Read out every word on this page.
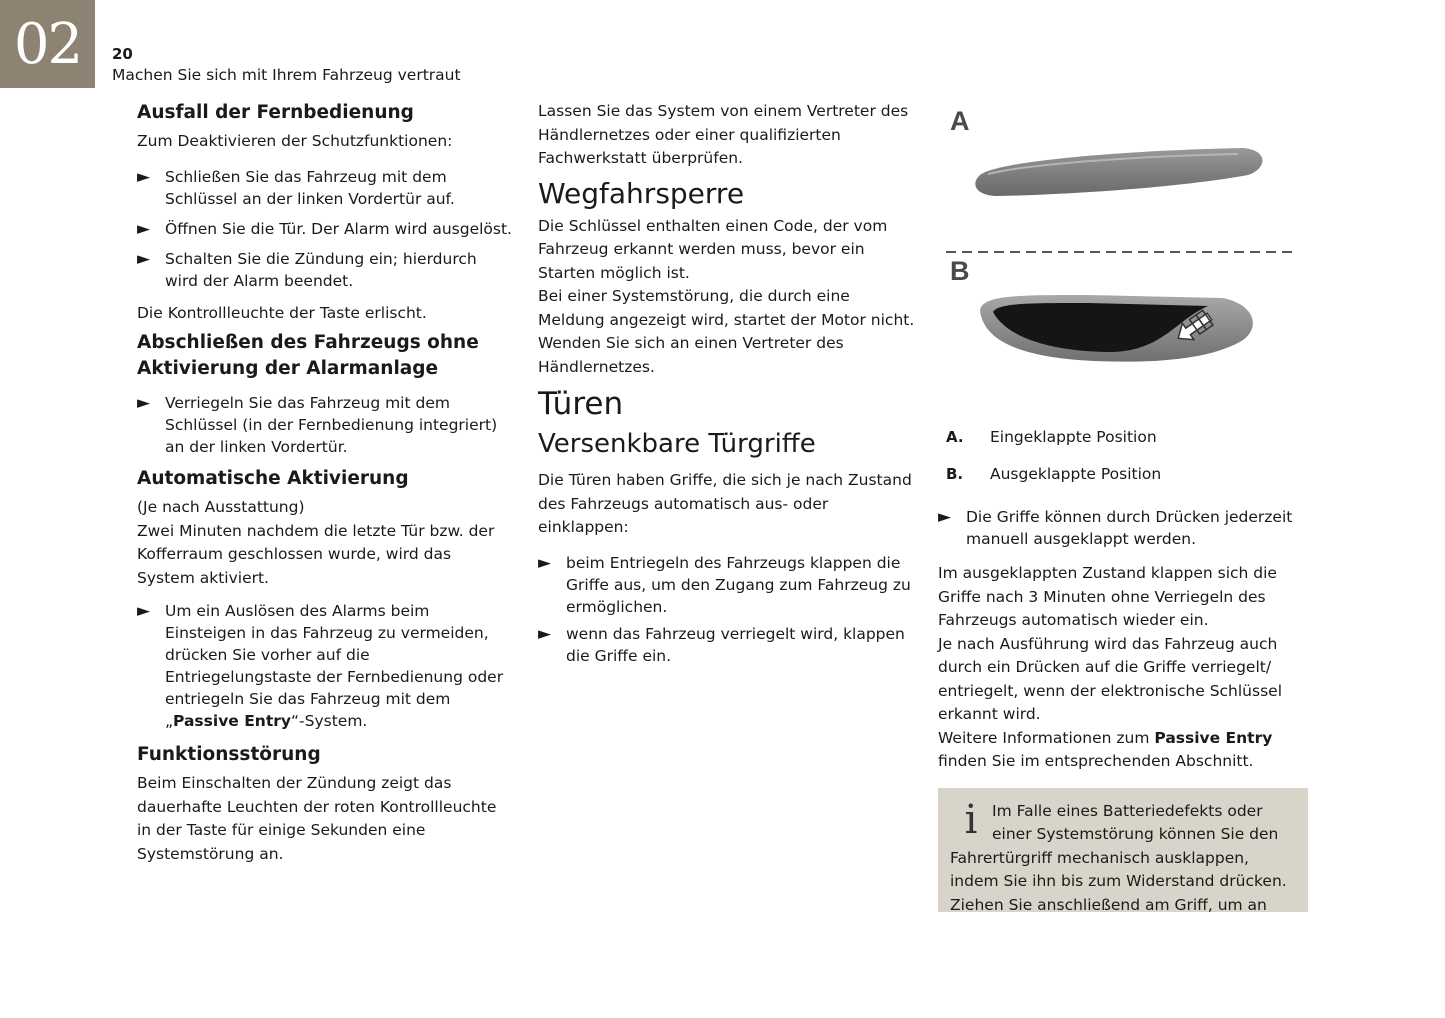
02	20
Machen Sie sich mit Ihrem Fahrzeug vertraut
Ausfall der Fernbedienung

Zum Deaktivieren der Schutzfunktionen:

► Schließen Sie das Fahrzeug mit dem Schlüssel an der linken Vordertür auf.
► Öffnen Sie die Tür. Der Alarm wird ausgelöst.
► Schalten Sie die Zündung ein; hierdurch wird der Alarm beendet.

Die Kontrollleuchte der Taste erlischt.

Abschließen des Fahrzeugs ohne Aktivierung der Alarmanlage
► Verriegeln Sie das Fahrzeug mit dem Schlüssel (in der Fernbedienung integriert) an der linken Vordertür.
Automatische Aktivierung

(Je nach Ausstattung)

Zwei Minuten nachdem die letzte Tür bzw. der Kofferraum geschlossen wurde, wird das System aktiviert.

► Um ein Auslösen des Alarms beim Einsteigen in das Fahrzeug zu vermeiden, drücken Sie vorher auf die Entriegelungstaste der Fernbedienung oder entriegeln Sie das Fahrzeug mit dem „Passive Entry“-System.
Funktionsstörung

Beim Einschalten der Zündung zeigt das dauerhafte Leuchten der roten Kontrollleuchte in der Taste für einige Sekunden eine Systemstörung an.

Lassen Sie das System von einem Vertreter des Händlernetzes oder einer qualifizierten Fachwerkstatt überprüfen.

Wegfahrsperre

Die Schlüssel enthalten einen Code, der vom Fahrzeug erkannt werden muss, bevor ein Starten möglich ist.

Bei einer Systemstörung, die durch eine Meldung angezeigt wird, startet der Motor nicht.

Wenden Sie sich an einen Vertreter des Händlernetzes.

Türen
Versenkbare Türgriffe

Die Türen haben Griffe, die sich je nach Zustand des Fahrzeugs automatisch aus- oder einklappen:

► beim Entriegeln des Fahrzeugs klappen die Griffe aus, um den Zugang zum Fahrzeug zu ermöglichen.
► wenn das Fahrzeug verriegelt wird, klappen die Griffe ein.
A
B
A.	Eingeklappte Position
B.	Ausgeklappte Position
► Die Griffe können durch Drücken jederzeit manuell ausgeklappt werden.

Im ausgeklappten Zustand klappen sich die Griffe nach 3 Minuten ohne Verriegeln des Fahrzeugs automatisch wieder ein.

Je nach Ausführung wird das Fahrzeug auch durch ein Drücken auf die Griffe verriegelt/ entriegelt, wenn der elektronische Schlüssel erkannt wird.

Weitere Informationen zum Passive Entry finden Sie im entsprechenden Abschnitt.

i Im Falle eines Batteriedefekts oder einer Systemstörung können Sie den Fahrertürgriff mechanisch ausklappen, indem Sie ihn bis zum Widerstand drücken. Ziehen Sie anschließend am Griff, um an
